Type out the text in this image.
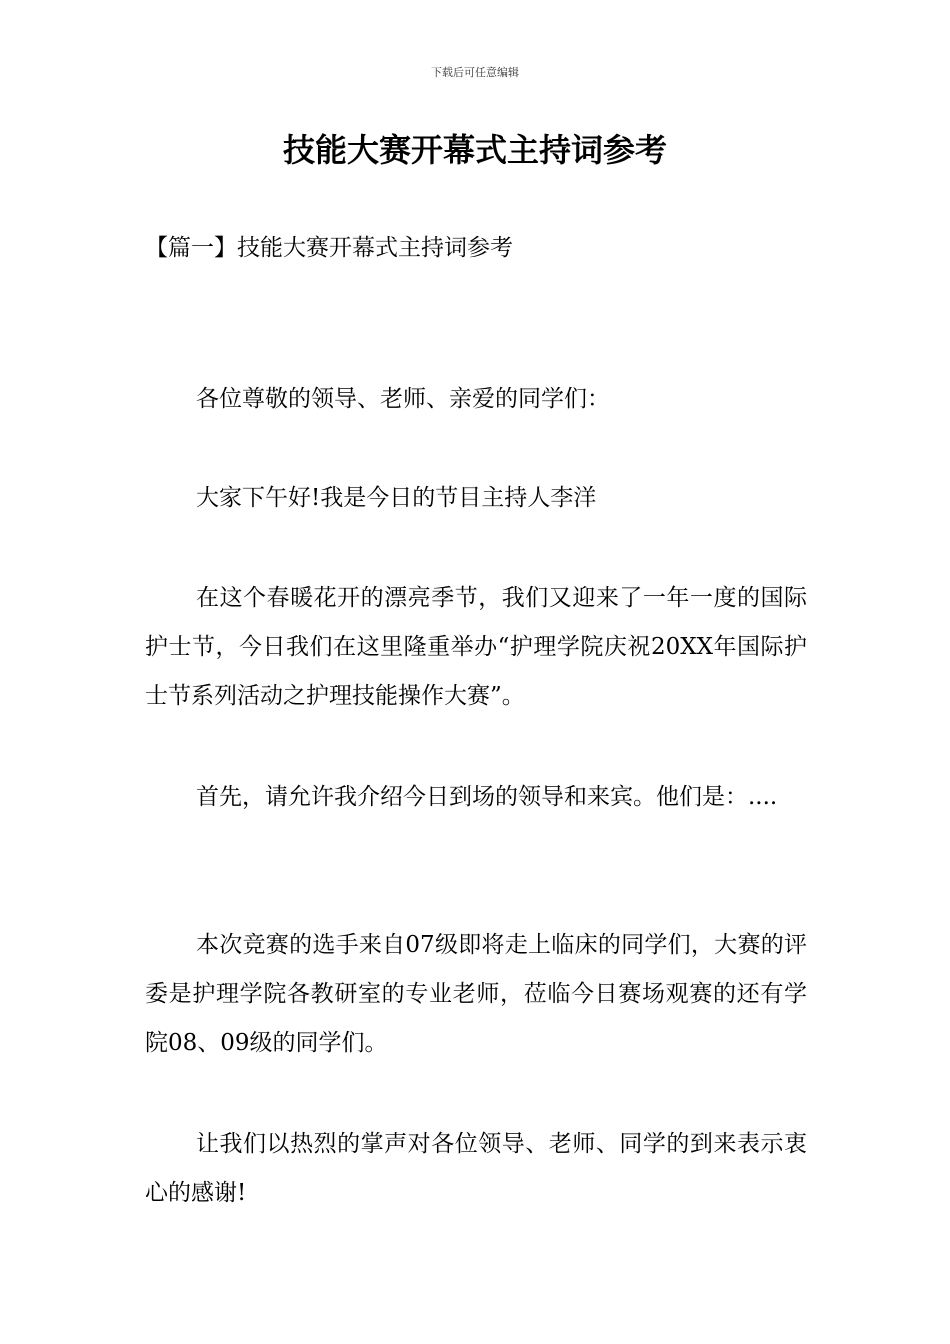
下载后可任意编辑
技能大赛开幕式主持词参考
【篇一】技能大赛开幕式主持词参考

各位尊敬的领导、老师、亲爱的同学们：

大家下午好!我是今日的节目主持人李洋

在这个春暖花开的漂亮季节，我们又迎来了一年一度的国际护士节，今日我们在这里隆重举办“护理学院庆祝20XX年国际护士节系列活动之护理技能操作大赛”。

首先，请允许我介绍今日到场的领导和来宾。他们是：....

本次竞赛的选手来自07级即将走上临床的同学们，大赛的评委是护理学院各教研室的专业老师，莅临今日赛场观赛的还有学院08、09级的同学们。

让我们以热烈的掌声对各位领导、老师、同学的到来表示衷心的感谢!
